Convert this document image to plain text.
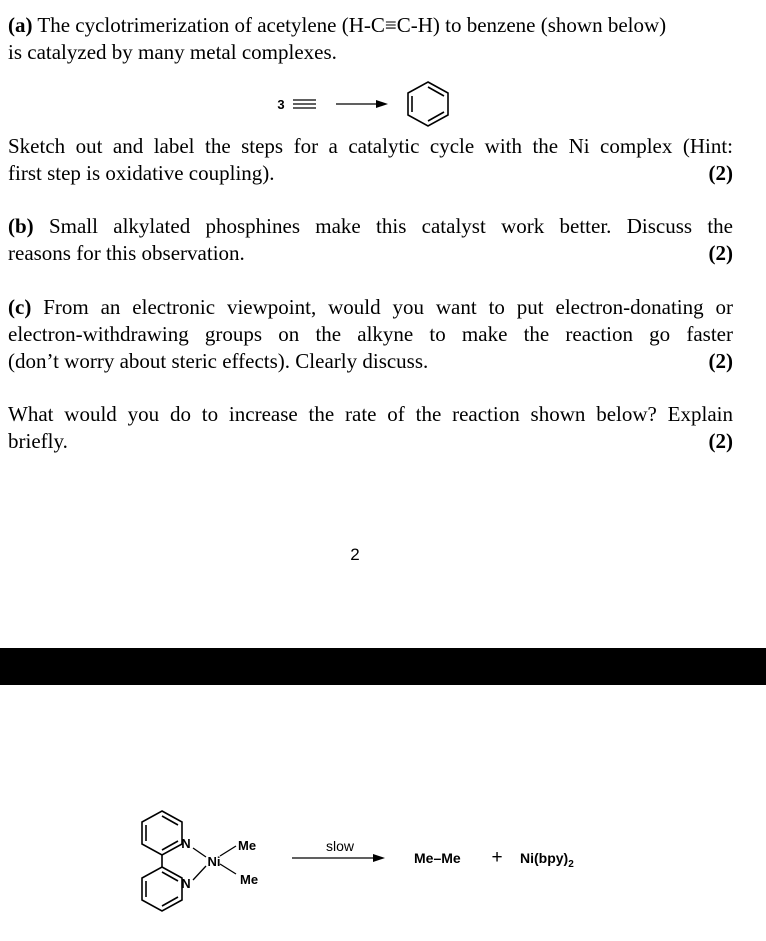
(a) The cyclotrimerization of acetylene (H-C≡C-H) to benzene (shown below)
is catalyzed by many metal complexes.
3
Sketch out and label the steps for a catalytic cycle with the Ni complex (Hint:
first step is oxidative coupling).	(2)
(b) Small alkylated phosphines make this catalyst work better. Discuss the
reasons for this observation.	(2)
(c) From an electronic viewpoint, would you want to put electron-donating or
electron-withdrawing groups on the alkyne to make the reaction go faster
(don’t worry about steric effects). Clearly discuss.	(2)
What would you do to increase the rate of the reaction shown below? Explain
briefly.	(2)
2
N
N
Ni
Me
Me
slow
$Me-Me + Ni(bpy)_2$
